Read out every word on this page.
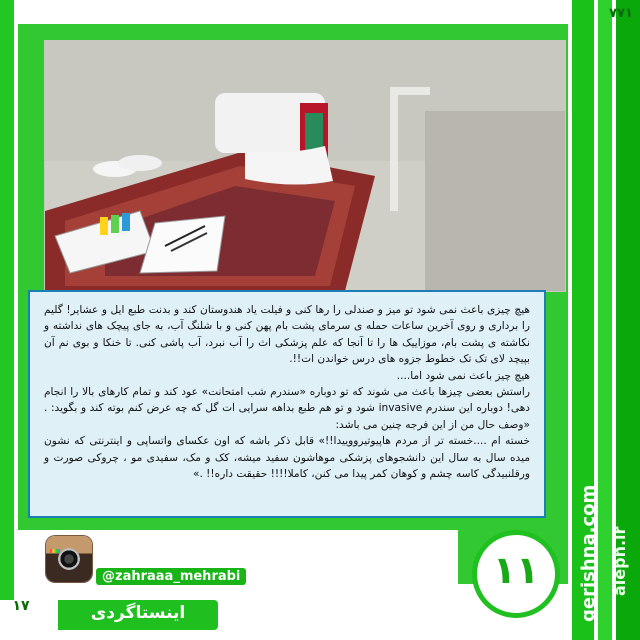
۷۷۱

هیچ چیزی باعث نمی شود تو میز و صندلی را رها کنی و فیلت یاد هندوستان کند و بدنت طبع ایل و عشایر! گلیم را برداری و روی آخرین ساعات حمله ی سرمای پشت بام پهن کنی و با شلنگ آب، به جای پیچک های نداشته و نکاشته ی پشت بام، موزاییک ها را تا آنجا که علم پزشکی اث را آب نبرد، آب پاشی کنی. تا خنکا و بوی نم آن بپیچد لای تک تک خطوط جزوه های درس خواندن ات!!.

هیچ چیز باعث نمی شود اما....

راستش بعضی چیزها باعث می شوند که تو دوباره «سندرم شب امتحانت» عود کند و تمام کارهای بالا را انجام دهی! دوباره این سندرم invasive شود و تو هم طبع بداهه سرایی ات گل که چه عرض کنم بوته کند و بگوید: . «وصف حال من از این فرجه چنین می باشد:

خسته ام ....خسته تر از مردم هاپیوتیرووییدا!!» قابل ذکر باشه که اون عکسای واتساپی و اینترنتی که نشون میده سال به سال این دانشجوهای پزشکی موهاشون سفید میشه، کک و مک، سفیدی مو ، چروکی صورت و ورقلنبیدگی کاسه چشم و کوهان کمر پیدا می کنن، کاملا!!!! حقیقت داره!! .»

@zahraaa_mehrabi	۱۱
اینستاگردی
۱۷	gerishna.com aleph.ir
